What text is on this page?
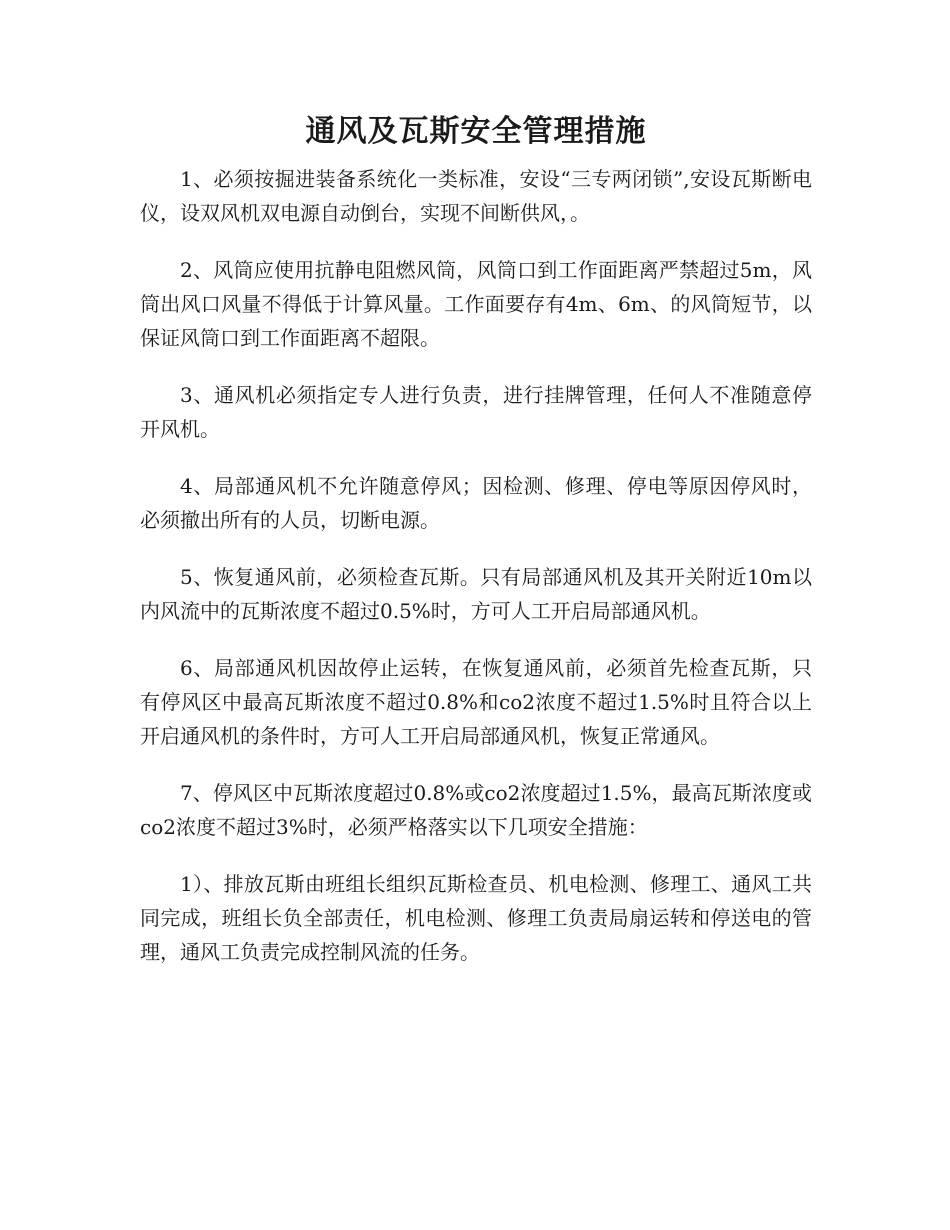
通风及瓦斯安全管理措施

1、必须按掘进装备系统化一类标准，安设“三专两闭锁”,安设瓦斯断电仪，设双风机双电源自动倒台，实现不间断供风，。

2、风筒应使用抗静电阻燃风筒，风筒口到工作面距离严禁超过5m，风筒出风口风量不得低于计算风量。工作面要存有4m、6m、的风筒短节，以保证风筒口到工作面距离不超限。

3、通风机必须指定专人进行负责，进行挂牌管理，任何人不准随意停开风机。

4、局部通风机不允许随意停风；因检测、修理、停电等原因停风时，必须撤出所有的人员，切断电源。

5、恢复通风前，必须检查瓦斯。只有局部通风机及其开关附近10m以内风流中的瓦斯浓度不超过0.5%时，方可人工开启局部通风机。

6、局部通风机因故停止运转，在恢复通风前，必须首先检查瓦斯，只有停风区中最高瓦斯浓度不超过0.8%和co2浓度不超过1.5%时且符合以上开启通风机的条件时，方可人工开启局部通风机，恢复正常通风。

7、停风区中瓦斯浓度超过0.8%或co2浓度超过1.5%，最高瓦斯浓度或co2浓度不超过3%时，必须严格落实以下几项安全措施：

1）、排放瓦斯由班组长组织瓦斯检查员、机电检测、修理工、通风工共同完成，班组长负全部责任，机电检测、修理工负责局扇运转和停送电的管理，通风工负责完成控制风流的任务。
